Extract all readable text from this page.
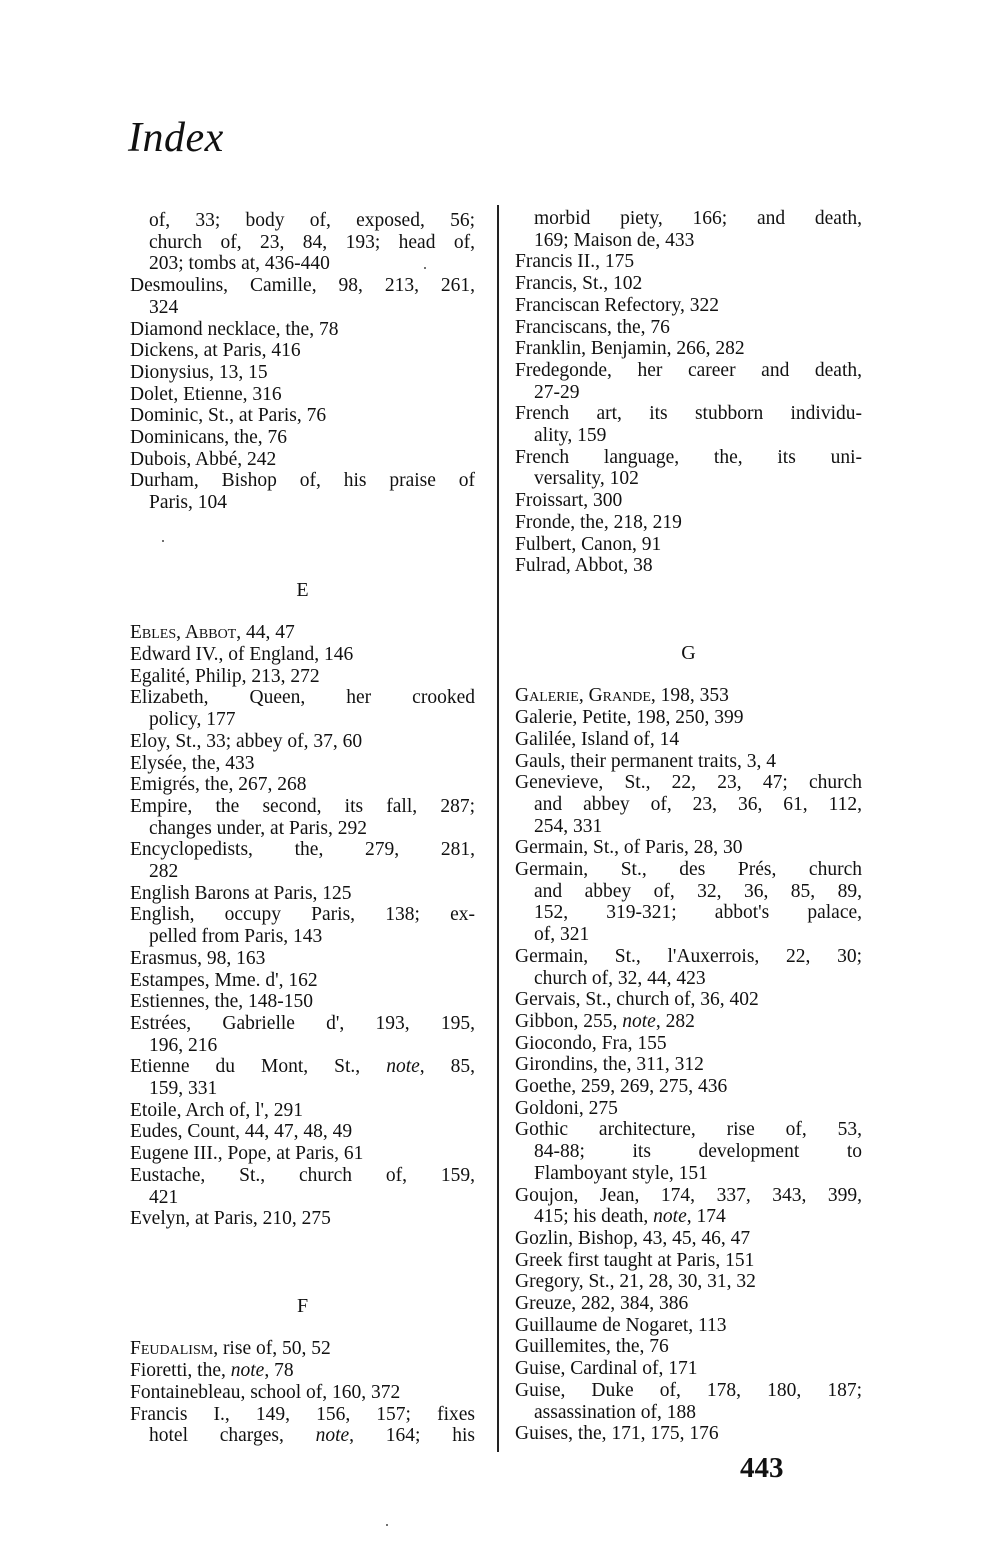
Index
of, 33; body of, exposed, 56;
church of, 23, 84, 193; head of,
203; tombs at, 436-440
Desmoulins, Camille, 98, 213, 261,
324
Diamond necklace, the, 78
Dickens, at Paris, 416
Dionysius, 13, 15
Dolet, Etienne, 316
Dominic, St., at Paris, 76
Dominicans, the, 76
Dubois, Abbé, 242
Durham, Bishop of, his praise of
Paris, 104
E
Ebles, Abbot, 44, 47
Edward IV., of England, 146
Egalité, Philip, 213, 272
Elizabeth, Queen, her crooked
policy, 177
Eloy, St., 33; abbey of, 37, 60
Elysée, the, 433
Emigrés, the, 267, 268
Empire, the second, its fall, 287;
changes under, at Paris, 292
Encyclopedists, the, 279, 281,
282
English Barons at Paris, 125
English, occupy Paris, 138; ex-
pelled from Paris, 143
Erasmus, 98, 163
Estampes, Mme. d', 162
Estiennes, the, 148-150
Estrées, Gabrielle d', 193, 195,
196, 216
Etienne du Mont, St., note, 85,
159, 331
Etoile, Arch of, l', 291
Eudes, Count, 44, 47, 48, 49
Eugene III., Pope, at Paris, 61
Eustache, St., church of, 159,
421
Evelyn, at Paris, 210, 275
F
Feudalism, rise of, 50, 52
Fioretti, the, note, 78
Fontainebleau, school of, 160, 372
Francis I., 149, 156, 157; fixes
hotel charges, note, 164; his
morbid piety, 166; and death,
169; Maison de, 433
Francis II., 175
Francis, St., 102
Franciscan Refectory, 322
Franciscans, the, 76
Franklin, Benjamin, 266, 282
Fredegonde, her career and death,
27-29
French art, its stubborn individu-
ality, 159
French language, the, its uni-
versality, 102
Froissart, 300
Fronde, the, 218, 219
Fulbert, Canon, 91
Fulrad, Abbot, 38
G
Galerie, Grande, 198, 353
Galerie, Petite, 198, 250, 399
Galilée, Island of, 14
Gauls, their permanent traits, 3, 4
Genevieve, St., 22, 23, 47; church
and abbey of, 23, 36, 61, 112,
254, 331
Germain, St., of Paris, 28, 30
Germain, St., des Prés, church
and abbey of, 32, 36, 85, 89,
152, 319-321; abbot's palace,
of, 321
Germain, St., l'Auxerrois, 22, 30;
church of, 32, 44, 423
Gervais, St., church of, 36, 402
Gibbon, 255, note, 282
Giocondo, Fra, 155
Girondins, the, 311, 312
Goethe, 259, 269, 275, 436
Goldoni, 275
Gothic architecture, rise of, 53,
84-88; its development to
Flamboyant style, 151
Goujon, Jean, 174, 337, 343, 399,
415; his death, note, 174
Gozlin, Bishop, 43, 45, 46, 47
Greek first taught at Paris, 151
Gregory, St., 21, 28, 30, 31, 32
Greuze, 282, 384, 386
Guillaume de Nogaret, 113
Guillemites, the, 76
Guise, Cardinal of, 171
Guise, Duke of, 178, 180, 187;
assassination of, 188
Guises, the, 171, 175, 176
443
